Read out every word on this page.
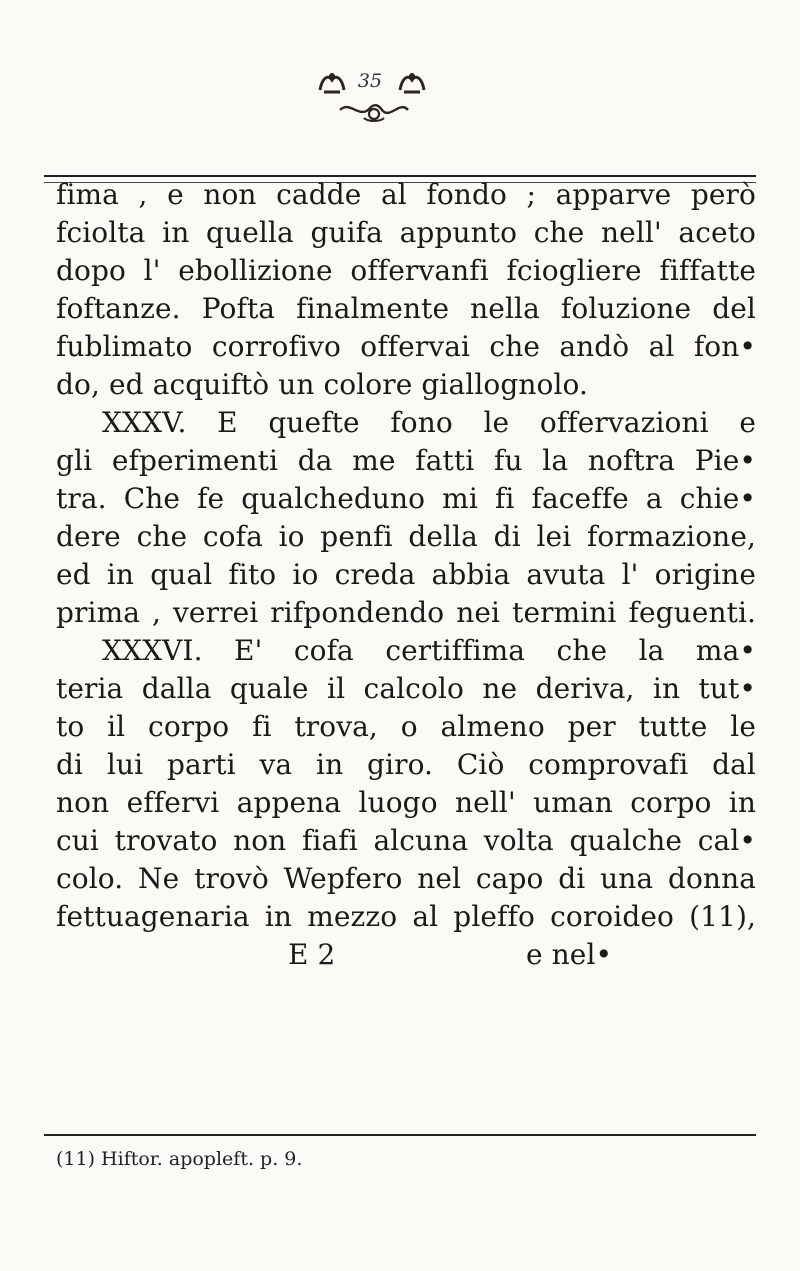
35
fima , e non cadde al fondo ; apparve però
fciolta in quella guifa appunto che nell' aceto
dopo l' ebollizione offervanfi fciogliere fiffatte
foftanze. Pofta finalmente nella foluzione del
fublimato corrofivo offervai che andò al fon•
do, ed acquiftò un colore giallognolo.
XXXV. E quefte fono le offervazioni e
gli efperimenti da me fatti fu la noftra Pie•
tra. Che fe qualcheduno mi fi faceffe a chie•
dere che cofa io penfi della di lei formazione,
ed in qual fito io creda abbia avuta l' origine
prima , verrei rifpondendo nei termini feguenti.
XXXVI. E' cofa certiffima che la ma•
teria dalla quale il calcolo ne deriva, in tut•
to il corpo fi trova, o almeno per tutte le
di lui parti va in giro. Ciò comprovafi dal
non effervi appena luogo nell' uman corpo in
cui trovato non fiafi alcuna volta qualche cal•
colo. Ne trovò Wepfero nel capo di una donna
fettuagenaria in mezzo al pleffo coroideo (11),
E 2	e nel•
(11) Hiftor. apopleft. p. 9.
